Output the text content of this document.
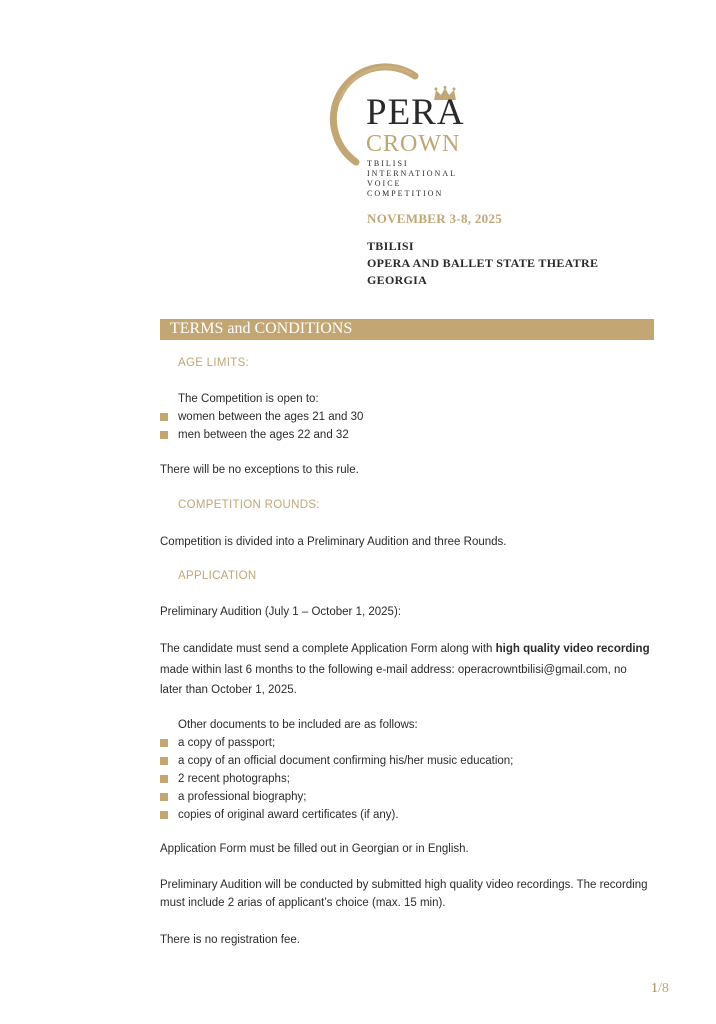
PERA
CROWN
TBILISI
INTERNATIONAL
VOICE
COMPETITION
NOVEMBER 3-8, 2025
TBILISI
OPERA AND BALLET STATE THEATRE
GEORGIA
TERMS and CONDITIONS
AGE LIMITS:
The Competition is open to:
women between the ages 21 and 30
men between the ages 22 and 32
There will be no exceptions to this rule.
COMPETITION ROUNDS:
Competition is divided into a Preliminary Audition and three Rounds.
APPLICATION
Preliminary Audition (July 1 – October 1, 2025):
The candidate must send a complete Application Form along with high quality video recording
made within last 6 months to the following e-mail address: operacrowntbilisi@gmail.com, no
later than October 1, 2025.
Other documents to be included are as follows:
a copy of passport;
a copy of an official document confirming his/her music education;
2 recent photographs;
a professional biography;
copies of original award certificates (if any).
Application Form must be filled out in Georgian or in English.
Preliminary Audition will be conducted by submitted high quality video recordings. The recording
must include 2 arias of applicant’s choice (max. 15 min).
There is no registration fee.
1/8
